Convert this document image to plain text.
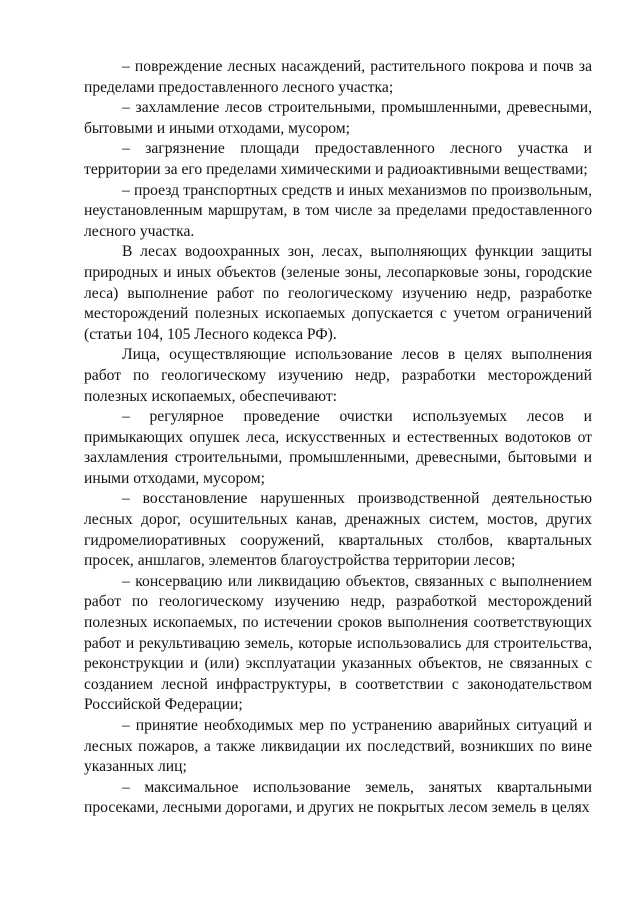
– повреждение лесных насаждений, растительного покрова и почв за пределами предоставленного лесного участка;

– захламление лесов строительными, промышленными, древесными, бытовыми и иными отходами, мусором;

– загрязнение площади предоставленного лесного участка и территории за его пределами химическими и радиоактивными веществами;

– проезд транспортных средств и иных механизмов по произвольным, неустановленным маршрутам, в том числе за пределами предоставленного лесного участка.

В лесах водоохранных зон, лесах, выполняющих функции защиты природных и иных объектов (зеленые зоны, лесопарковые зоны, городские леса) выполнение работ по геологическому изучению недр, разработке месторождений полезных ископаемых допускается с учетом ограничений (статьи 104, 105 Лесного кодекса РФ).

Лица, осуществляющие использование лесов в целях выполнения работ по геологическому изучению недр, разработки месторождений полезных ископаемых, обеспечивают:

– регулярное проведение очистки используемых лесов и примыкающих опушек леса, искусственных и естественных водотоков от захламления строительными, промышленными, древесными, бытовыми и иными отходами, мусором;

– восстановление нарушенных производственной деятельностью лесных дорог, осушительных канав, дренажных систем, мостов, других гидромелиоративных сооружений, квартальных столбов, квартальных просек, аншлагов, элементов благоустройства территории лесов;

– консервацию или ликвидацию объектов, связанных с выполнением работ по геологическому изучению недр, разработкой месторождений полезных ископаемых, по истечении сроков выполнения соответствующих работ и рекультивацию земель, которые использовались для строительства, реконструкции и (или) эксплуатации указанных объектов, не связанных с созданием лесной инфраструктуры, в соответствии с законодательством Российской Федерации;

– принятие необходимых мер по устранению аварийных ситуаций и лесных пожаров, а также ликвидации их последствий, возникших по вине указанных лиц;

– максимальное использование земель, занятых квартальными просеками, лесными дорогами, и других не покрытых лесом земель в целях
